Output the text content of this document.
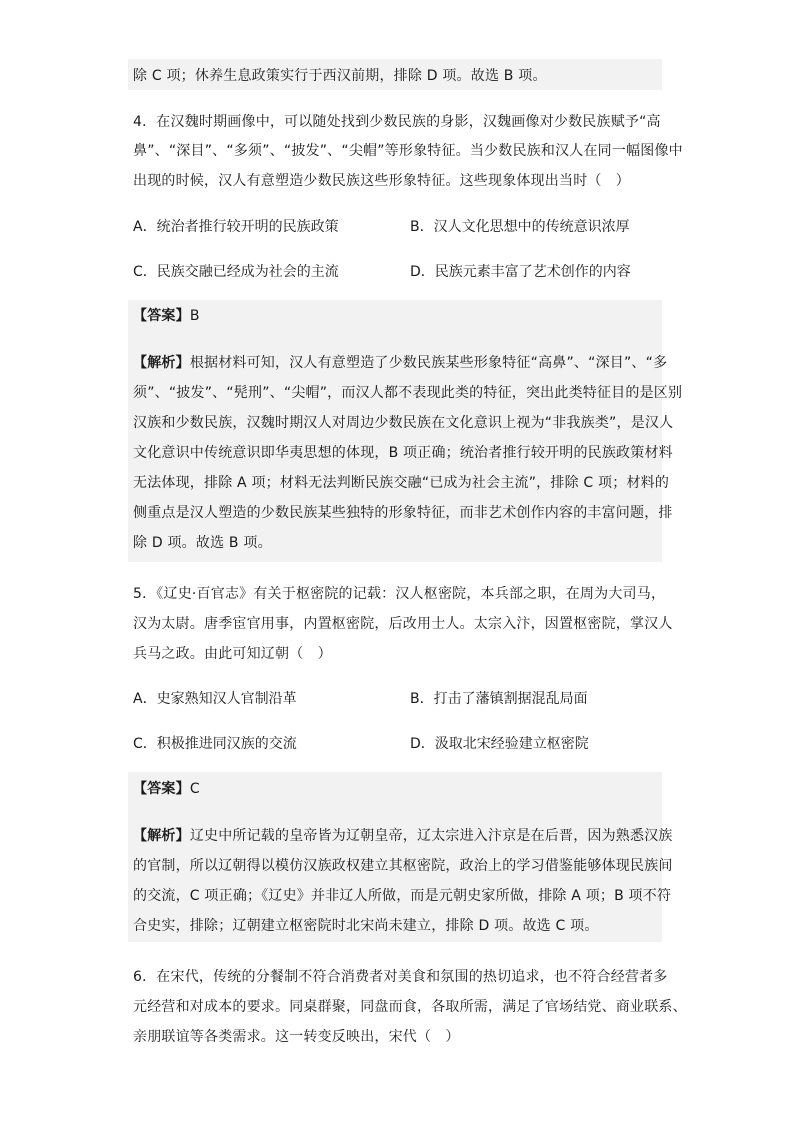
除 C 项；休养生息政策实行于西汉前期，排除 D 项。故选 B 项。
4．在汉魏时期画像中，可以随处找到少数民族的身影，汉魏画像对少数民族赋予“高
鼻”、“深目”、“多须”、“披发”、“尖帽”等形象特征。当少数民族和汉人在同一幅图像中
出现的时候，汉人有意塑造少数民族这些形象特征。这些现象体现出当时（　）
A．统治者推行较开明的民族政策	B．汉人文化思想中的传统意识浓厚
C．民族交融已经成为社会的主流	D．民族元素丰富了艺术创作的内容
【答案】B
【解析】根据材料可知，汉人有意塑造了少数民族某些形象特征“高鼻”、“深目”、“多
须”、“披发”、“髡刑”、“尖帽”，而汉人都不表现此类的特征，突出此类特征目的是区别
汉族和少数民族，汉魏时期汉人对周边少数民族在文化意识上视为“非我族类”，是汉人
文化意识中传统意识即华夷思想的体现，B 项正确；统治者推行较开明的民族政策材料
无法体现，排除 A 项；材料无法判断民族交融“已成为社会主流”，排除 C 项；材料的
侧重点是汉人塑造的少数民族某些独特的形象特征，而非艺术创作内容的丰富问题，排
除 D 项。故选 B 项。
5．《辽史·百官志》有关于枢密院的记载：汉人枢密院，本兵部之职，在周为大司马，
汉为太尉。唐季宦官用事，内置枢密院，后改用士人。太宗入汴，因置枢密院，掌汉人
兵马之政。由此可知辽朝（　）
A．史家熟知汉人官制沿革	B．打击了藩镇割据混乱局面
C．积极推进同汉族的交流	D．汲取北宋经验建立枢密院
【答案】C
【解析】辽史中所记载的皇帝皆为辽朝皇帝，辽太宗进入汴京是在后晋，因为熟悉汉族
的官制，所以辽朝得以模仿汉族政权建立其枢密院，政治上的学习借鉴能够体现民族间
的交流，C 项正确；《辽史》并非辽人所做，而是元朝史家所做，排除 A 项；B 项不符
合史实，排除；辽朝建立枢密院时北宋尚未建立，排除 D 项。故选 C 项。
6．在宋代，传统的分餐制不符合消费者对美食和氛围的热切追求，也不符合经营者多
元经营和对成本的要求。同桌群聚，同盘而食，各取所需，满足了官场结党、商业联系、
亲朋联谊等各类需求。这一转变反映出，宋代（　）
